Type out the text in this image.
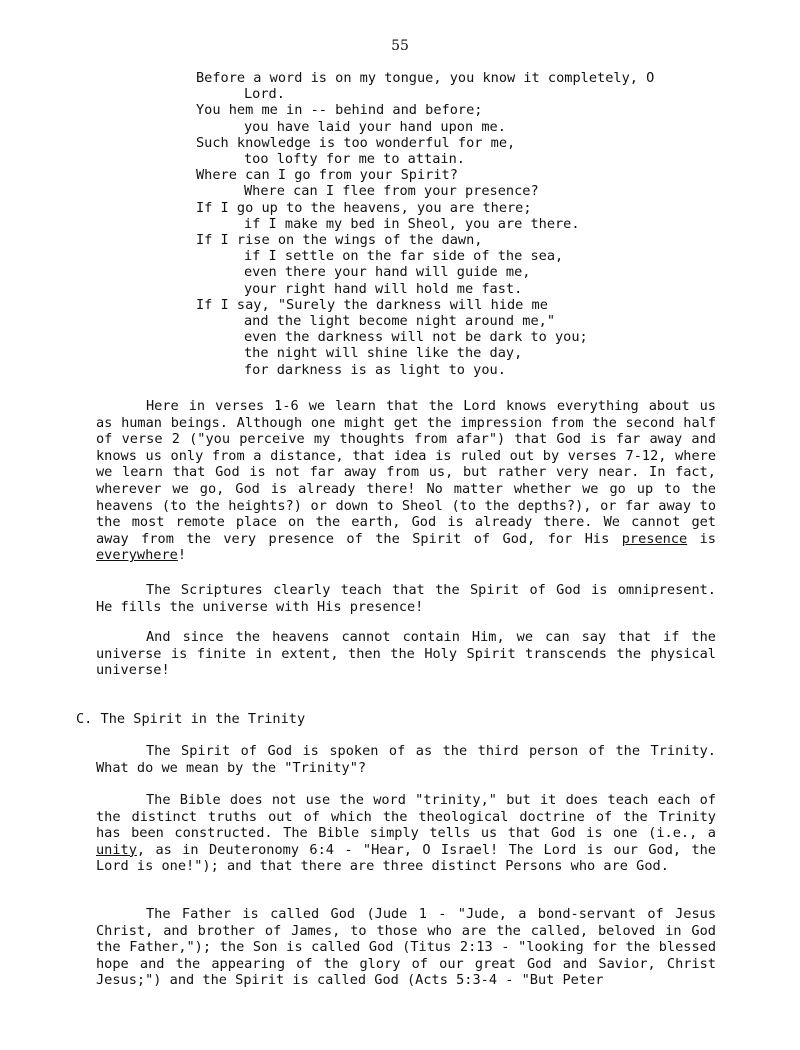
55
Before a word is on my tongue, you know it completely, O
Lord.
You hem me in -- behind and before;
you have laid your hand upon me.
Such knowledge is too wonderful for me,
too lofty for me to attain.
Where can I go from your Spirit?
Where can I flee from your presence?
If I go up to the heavens, you are there;
if I make my bed in Sheol, you are there.
If I rise on the wings of the dawn,
if I settle on the far side of the sea,
even there your hand will guide me,
your right hand will hold me fast.
If I say, "Surely the darkness will hide me
and the light become night around me,"
even the darkness will not be dark to you;
the night will shine like the day,
for darkness is as light to you.

Here in verses 1-6 we learn that the Lord knows everything about us as human beings. Although one might get the impression from the second half of verse 2 ("you perceive my thoughts from afar") that God is far away and knows us only from a distance, that idea is ruled out by verses 7-12, where we learn that God is not far away from us, but rather very near. In fact, wherever we go, God is already there! No matter whether we go up to the heavens (to the heights?) or down to Sheol (to the depths?), or far away to the most remote place on the earth, God is already there. We cannot get away from the very presence of the Spirit of God, for His presence is everywhere!

The Scriptures clearly teach that the Spirit of God is omnipresent. He fills the universe with His presence!

And since the heavens cannot contain Him, we can say that if the universe is finite in extent, then the Holy Spirit transcends the physical universe!

C. The Spirit in the Trinity

The Spirit of God is spoken of as the third person of the Trinity. What do we mean by the "Trinity"?

The Bible does not use the word "trinity," but it does teach each of the distinct truths out of which the theological doctrine of the Trinity has been constructed. The Bible simply tells us that God is one (i.e., a unity, as in Deuteronomy 6:4 - "Hear, O Israel! The Lord is our God, the Lord is one!"); and that there are three distinct Persons who are God.

The Father is called God (Jude 1 - "Jude, a bond-servant of Jesus Christ, and brother of James, to those who are the called, beloved in God the Father,"); the Son is called God (Titus 2:13 - "looking for the blessed hope and the appearing of the glory of our great God and Savior, Christ Jesus;") and the Spirit is called God (Acts 5:3-4 - "But Peter
